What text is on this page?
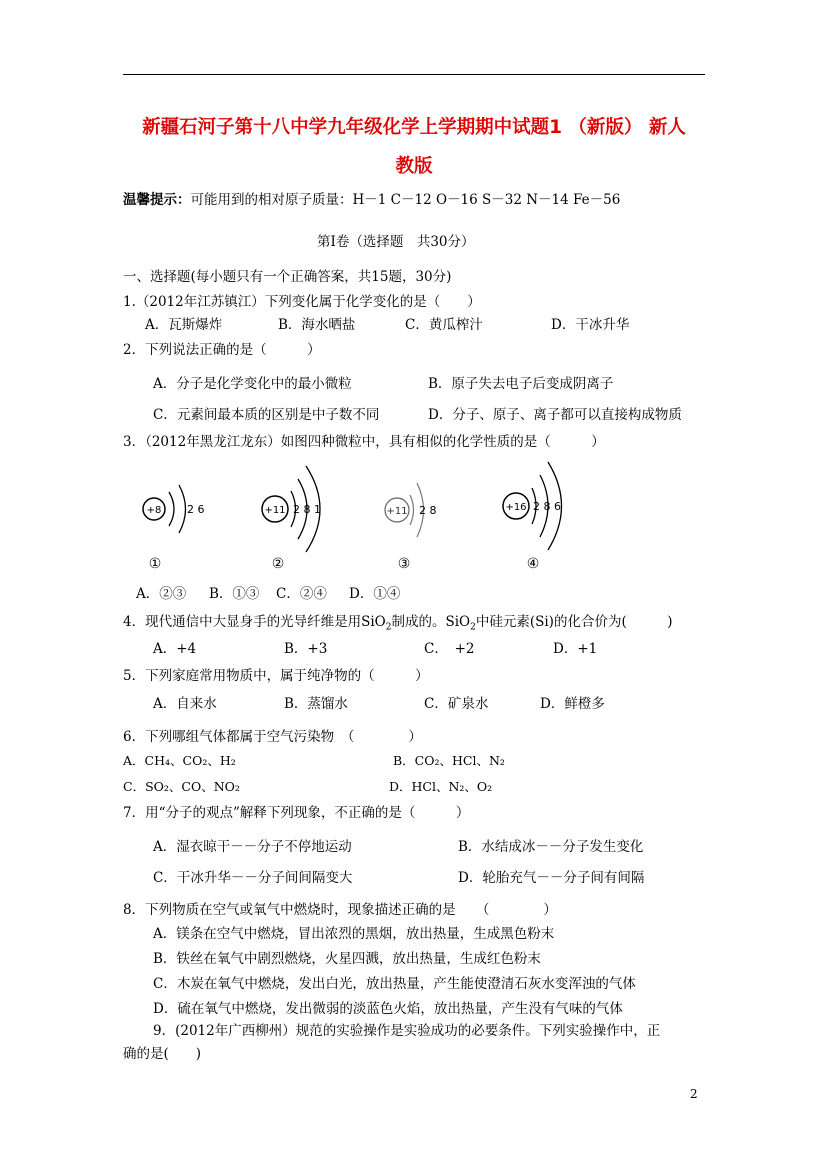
新疆石河子第十八中学九年级化学上学期期中试题1 （新版） 新人
教版
温馨提示：可能用到的相对原子质量：H－1 C－12 O－16 S－32 N－14 Fe－56
第Ⅰ卷（选择题　共30分）
一、选择题(每小题只有一个正确答案，共15题，30分)
1.（2012年江苏镇江）下列变化属于化学变化的是（　　）
A．瓦斯爆炸	B．海水晒盐	C．黄瓜榨汁	D．干冰升华
2．下列说法正确的是（　　　）
A．分子是化学变化中的最小微粒	B．原子失去电子后变成阴离子
C．元素间最本质的区别是中子数不同	D．分子、原子、离子都可以直接构成物质
3．（2012年黑龙江龙东）如图四种微粒中，具有相似的化学性质的是（　　　）
+8 2 6
①
+11 2 8 1
②
+11 2 8
③
+16 2 8 6
④
A．②③ B．①③ C．②④ D．①④
4．现代通信中大显身手的光导纤维是用SiO$_2$制成的。SiO$_2$中硅元素(Si)的化合价为(　　　)
A．+4	B．+3	C．　+2	D．+1
5．下列家庭常用物质中，属于纯净物的（　　　）
A．自来水	B．蒸馏水	C．矿泉水	D．鲜橙多
6．下列哪组气体都属于空气污染物　（　　　　）
A．CH₄、CO₂、H₂	B．CO₂、HCl、N₂
C．SO₂、CO、NO₂	D．HCl、N₂、O₂
7．用“分子的观点”解释下列现象，不正确的是（　　　）
A．湿衣晾干－－分子不停地运动	B．水结成冰－－分子发生变化
C．干冰升华－－分子间间隔变大	D．轮胎充气－－分子间有间隔
8．下列物质在空气或氧气中燃烧时，现象描述正确的是　　（　　　　）
A．镁条在空气中燃烧，冒出浓烈的黑烟，放出热量，生成黑色粉末
B．铁丝在氧气中剧烈燃烧，火星四溅，放出热量，生成红色粉末
C．木炭在氧气中燃烧，发出白光，放出热量，产生能使澄清石灰水变浑浊的气体
D．硫在氧气中燃烧，发出微弱的淡蓝色火焰，放出热量，产生没有气味的气体
9．(2012年广西柳州）规范的实验操作是实验成功的必要条件。下列实验操作中，正
确的是(　　)
2
